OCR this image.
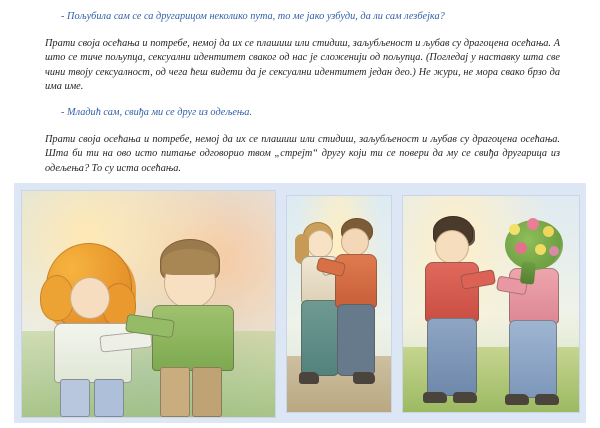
- Пољубила сам се са другарицом неколико пута, то ме јако узбуди, да ли сам лезбејка?

Прати своја осећања и потребе, немој да их се плашиш или стидиш, заљубљеност и љубав су драгоцена осећања. А што се тиче пољупца, сексуални идентитет сваког од нас је сложенији од пољупца. (Погледај у наставку шта све чини твоју сексуалност, од чега ћеш видети да је сексуални идентитет један део.) Не жури, не мора свако брзо да има име.

- Младић сам, свиђа ми се друг из одељења.

Прати своја осећања и потребе, немој да их се плашиш или стидиш, заљубљеност и љубав су драгоцена осећања. Шта би ти на ово исто питање одговорио твом „стрејт“ другу који ти се повери да му се свиђа другарица из одељења? То су иста осећања.
